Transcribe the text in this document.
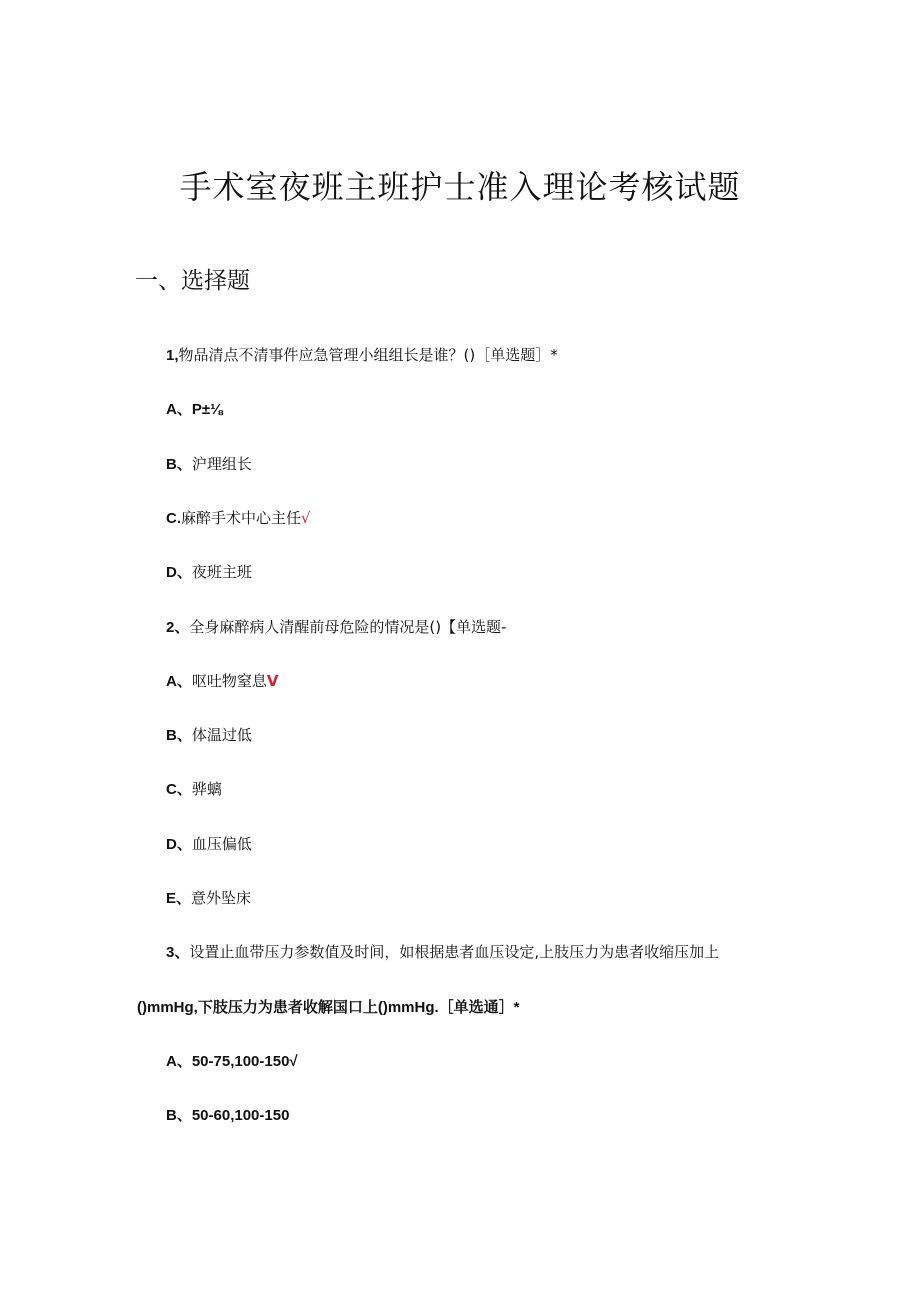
手术室夜班主班护士准入理论考核试题
一、选择题
1,物品清点不清事件应急管理小组组长是谁？()［单选题］*
A、P±⅛
B、沪理组长
C.麻醉手术中心主任√
D、夜班主班
2、全身麻醉病人清醒前母危险的情况是()【单选题-
A、呕吐物窒息V
B、体温过低
C、骅螭
D、血压偏低
E、意外坠床
3、设置止血带压力参数值及时间，如根据患者血压设定,上肢压力为患者收缩压加上
()mmHg,下肢压力为患者收解国口上()mmHg.［单选通］*
A、50-75,100-150√
B、50-60,100-150
